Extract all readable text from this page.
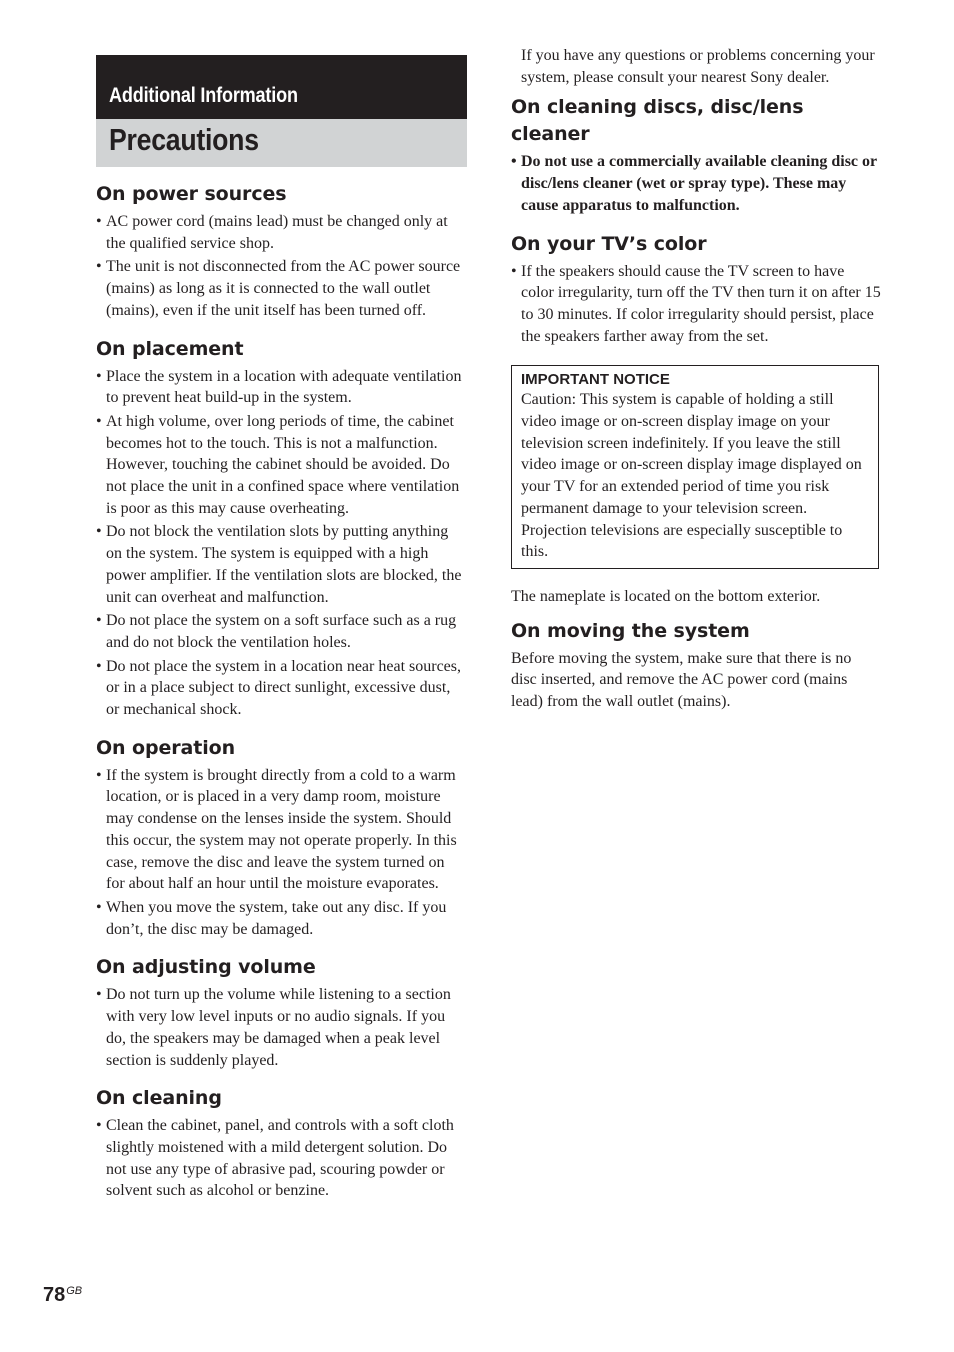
Additional Information
Precautions
On power sources
• AC power cord (mains lead) must be changed only at the qualified service shop.
• The unit is not disconnected from the AC power source (mains) as long as it is connected to the wall outlet (mains), even if the unit itself has been turned off.
On placement
• Place the system in a location with adequate ventilation to prevent heat build-up in the system.
• At high volume, over long periods of time, the cabinet becomes hot to the touch. This is not a malfunction. However, touching the cabinet should be avoided. Do not place the unit in a confined space where ventilation is poor as this may cause overheating.
• Do not block the ventilation slots by putting anything on the system. The system is equipped with a high power amplifier. If the ventilation slots are blocked, the unit can overheat and malfunction.
• Do not place the system on a soft surface such as a rug and do not block the ventilation holes.
• Do not place the system in a location near heat sources, or in a place subject to direct sunlight, excessive dust, or mechanical shock.
On operation
• If the system is brought directly from a cold to a warm location, or is placed in a very damp room, moisture may condense on the lenses inside the system. Should this occur, the system may not operate properly. In this case, remove the disc and leave the system turned on for about half an hour until the moisture evaporates.
• When you move the system, take out any disc. If you don’t, the disc may be damaged.
On adjusting volume
• Do not turn up the volume while listening to a section with very low level inputs or no audio signals. If you do, the speakers may be damaged when a peak level section is suddenly played.
On cleaning
• Clean the cabinet, panel, and controls with a soft cloth slightly moistened with a mild detergent solution. Do not use any type of abrasive pad, scouring powder or solvent such as alcohol or benzine.

If you have any questions or problems concerning your system, please consult your nearest Sony dealer.

On cleaning discs, disc/lens cleaner
• Do not use a commercially available cleaning disc or disc/lens cleaner (wet or spray type). These may cause apparatus to malfunction.
On your TV’s color
• If the speakers should cause the TV screen to have color irregularity, turn off the TV then turn it on after 15 to 30 minutes. If color irregularity should persist, place the speakers farther away from the set.
IMPORTANT NOTICE
Caution: This system is capable of holding a still video image or on-screen display image on your television screen indefinitely. If you leave the still video image or on-screen display image displayed on your TV for an extended period of time you risk permanent damage to your television screen. Projection televisions are especially susceptible to this.

The nameplate is located on the bottom exterior.

On moving the system

Before moving the system, make sure that there is no disc inserted, and remove the AC power cord (mains lead) from the wall outlet (mains).

$78^{GB}$
